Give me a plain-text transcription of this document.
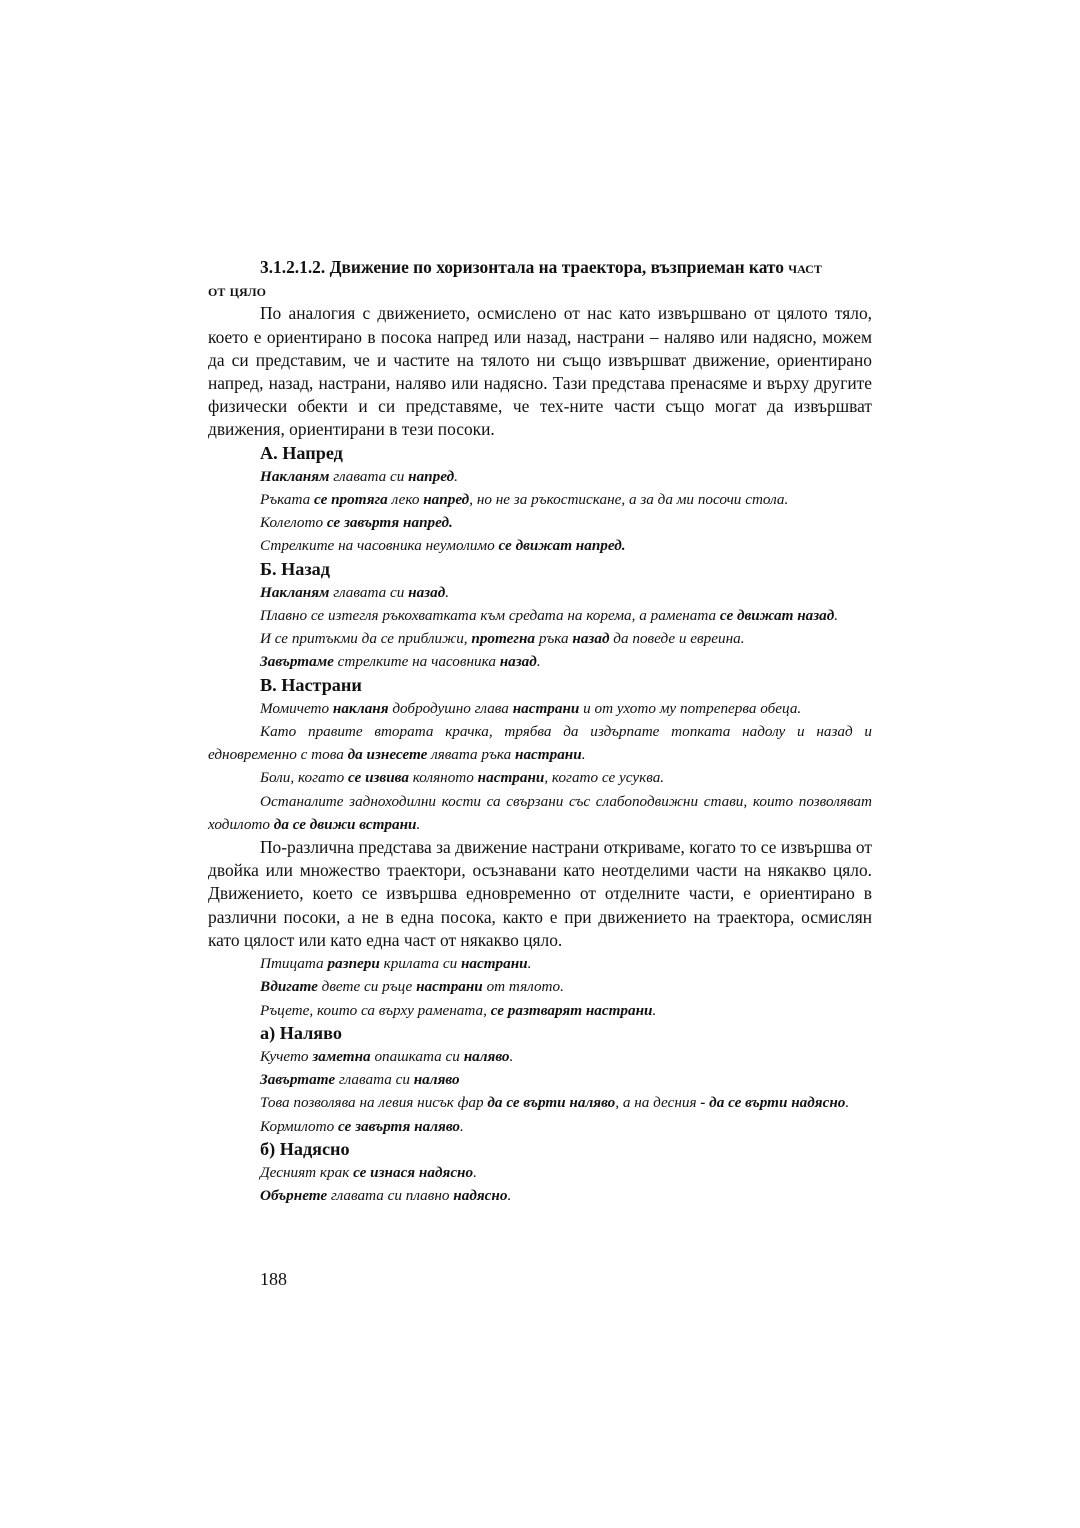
3.1.2.1.2. Движение по хоризонтала на траектора, възприеман като част
от цяло

По аналогия с движението, осмислено от нас като извършвано от цялото тяло, което е ориентирано в посока напред или назад, настрани – наляво или надясно, можем да си представим, че и частите на тялото ни също извършват движение, ориентирано напред, назад, настрани, наляво или надясно. Тази представа пренасяме и върху другите физически обекти и си представяме, че тех-ните части също могат да извършват движения, ориентирани в тези посоки.

А. Напред

Накланям главата си напред.

Ръката се протяга леко напред, но не за ръкостискане, а за да ми посочи стола.

Колелото се завъртя напред.

Стрелките на часовника неумолимо се движат напред.

Б. Назад

Накланям главата си назад.

Плавно се изтегля ръкохватката към средата на корема, а рамената се движат назад.

И се притъкми да се приближи, протегна ръка назад да поведе и евреина.

Завъртаме стрелките на часовника назад.

В. Настрани

Момичето накланя добродушно глава настрани и от ухото му потреперва обеца.

Като правите втората крачка, трябва да издърпате топката надолу и назад и едновременно с това да изнесете лявата ръка настрани.

Боли, когато се извива коляното настрани, когато се усуква.

Останалите задноходилни кости са свързани със слабоподвижни стави, които позволяват ходилото да се движи встрани.

По-различна представа за движение настрани откриваме, когато то се извършва от двойка или множество траектори, осъзнавани като неотделими части на някакво цяло. Движението, което се извършва едновременно от отделните части, е ориентирано в различни посоки, а не в една посока, както е при движението на траектора, осмислян като цялост или като една част от някакво цяло.

Птицата разпери крилата си настрани.

Вдигате двете си ръце настрани от тялото.

Ръцете, които са върху рамената, се разтварят настрани.

а) Наляво

Кучето заметна опашката си наляво.

Завъртате главата си наляво

Това позволява на левия нисък фар да се върти наляво, а на десния - да се върти надясно.

Кормилото се завъртя наляво.

б) Надясно

Десният крак се изнася надясно.

Обърнете главата си плавно надясно.

188
